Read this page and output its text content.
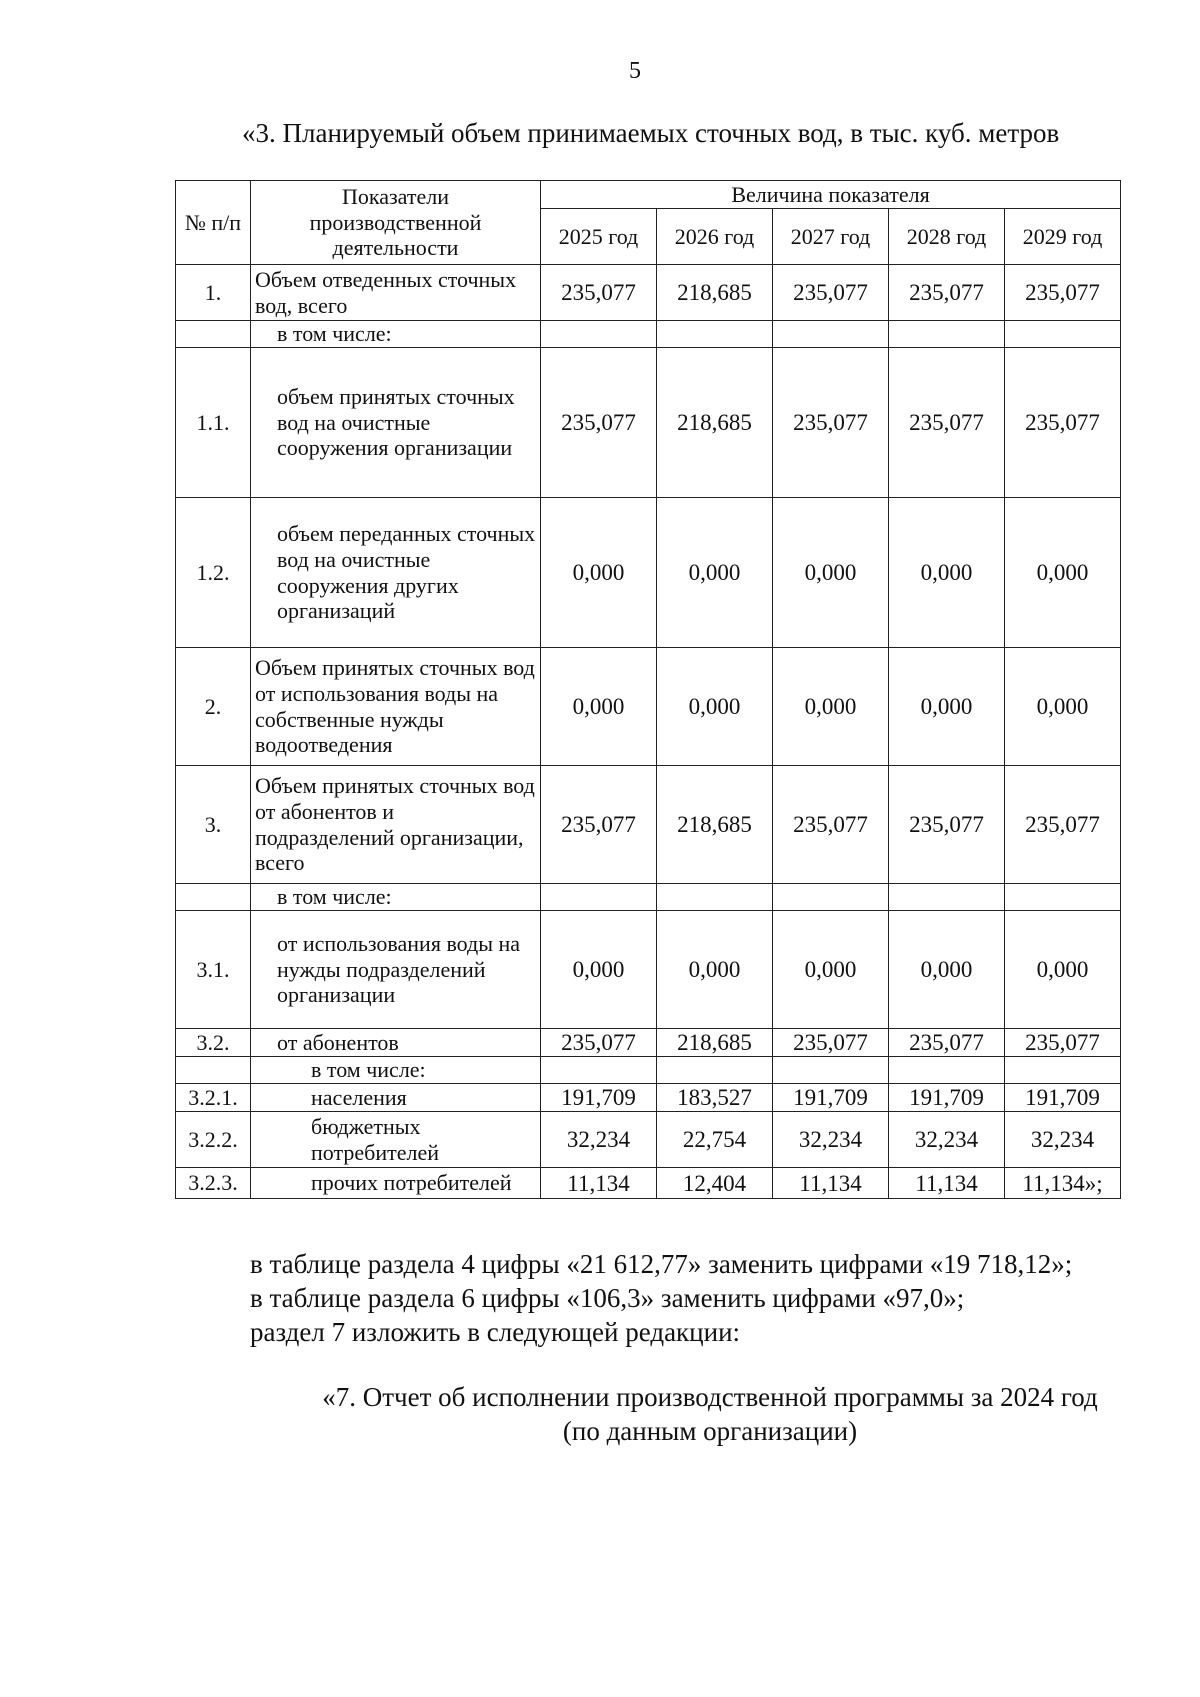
5
«3. Планируемый объем принимаемых сточных вод, в тыс. куб. метров
№ п/п	Показатели производственной деятельности	Величина показателя				
		2025 год	2026 год	2027 год	2028 год	2029 год
1.	Объем отведенных сточных вод, всего	235,077	218,685	235,077	235,077	235,077
	в том числе:					
1.1.	объем принятых сточных вод на очистные сооружения организации	235,077	218,685	235,077	235,077	235,077
1.2.	объем переданных сточных вод на очистные сооружения других организаций	0,000	0,000	0,000	0,000	0,000
2.	Объем принятых сточных вод от использования воды на собственные нужды водоотведения	0,000	0,000	0,000	0,000	0,000
3.	Объем принятых сточных вод от абонентов и подразделений организации, всего	235,077	218,685	235,077	235,077	235,077
	в том числе:					
3.1.	от использования воды на нужды подразделений организации	0,000	0,000	0,000	0,000	0,000
3.2.	от абонентов	235,077	218,685	235,077	235,077	235,077
	в том числе:					
3.2.1.	населения	191,709	183,527	191,709	191,709	191,709
3.2.2.	бюджетных потребителей	32,234	22,754	32,234	32,234	32,234
3.2.3.	прочих потребителей	11,134	12,404	11,134	11,134	11,134»;
в таблице раздела 4 цифры «21 612,77» заменить цифрами «19 718,12»;
в таблице раздела 6 цифры «106,3» заменить цифрами «97,0»;
раздел 7 изложить в следующей редакции:
«7. Отчет об исполнении производственной программы за 2024 год
(по данным организации)
